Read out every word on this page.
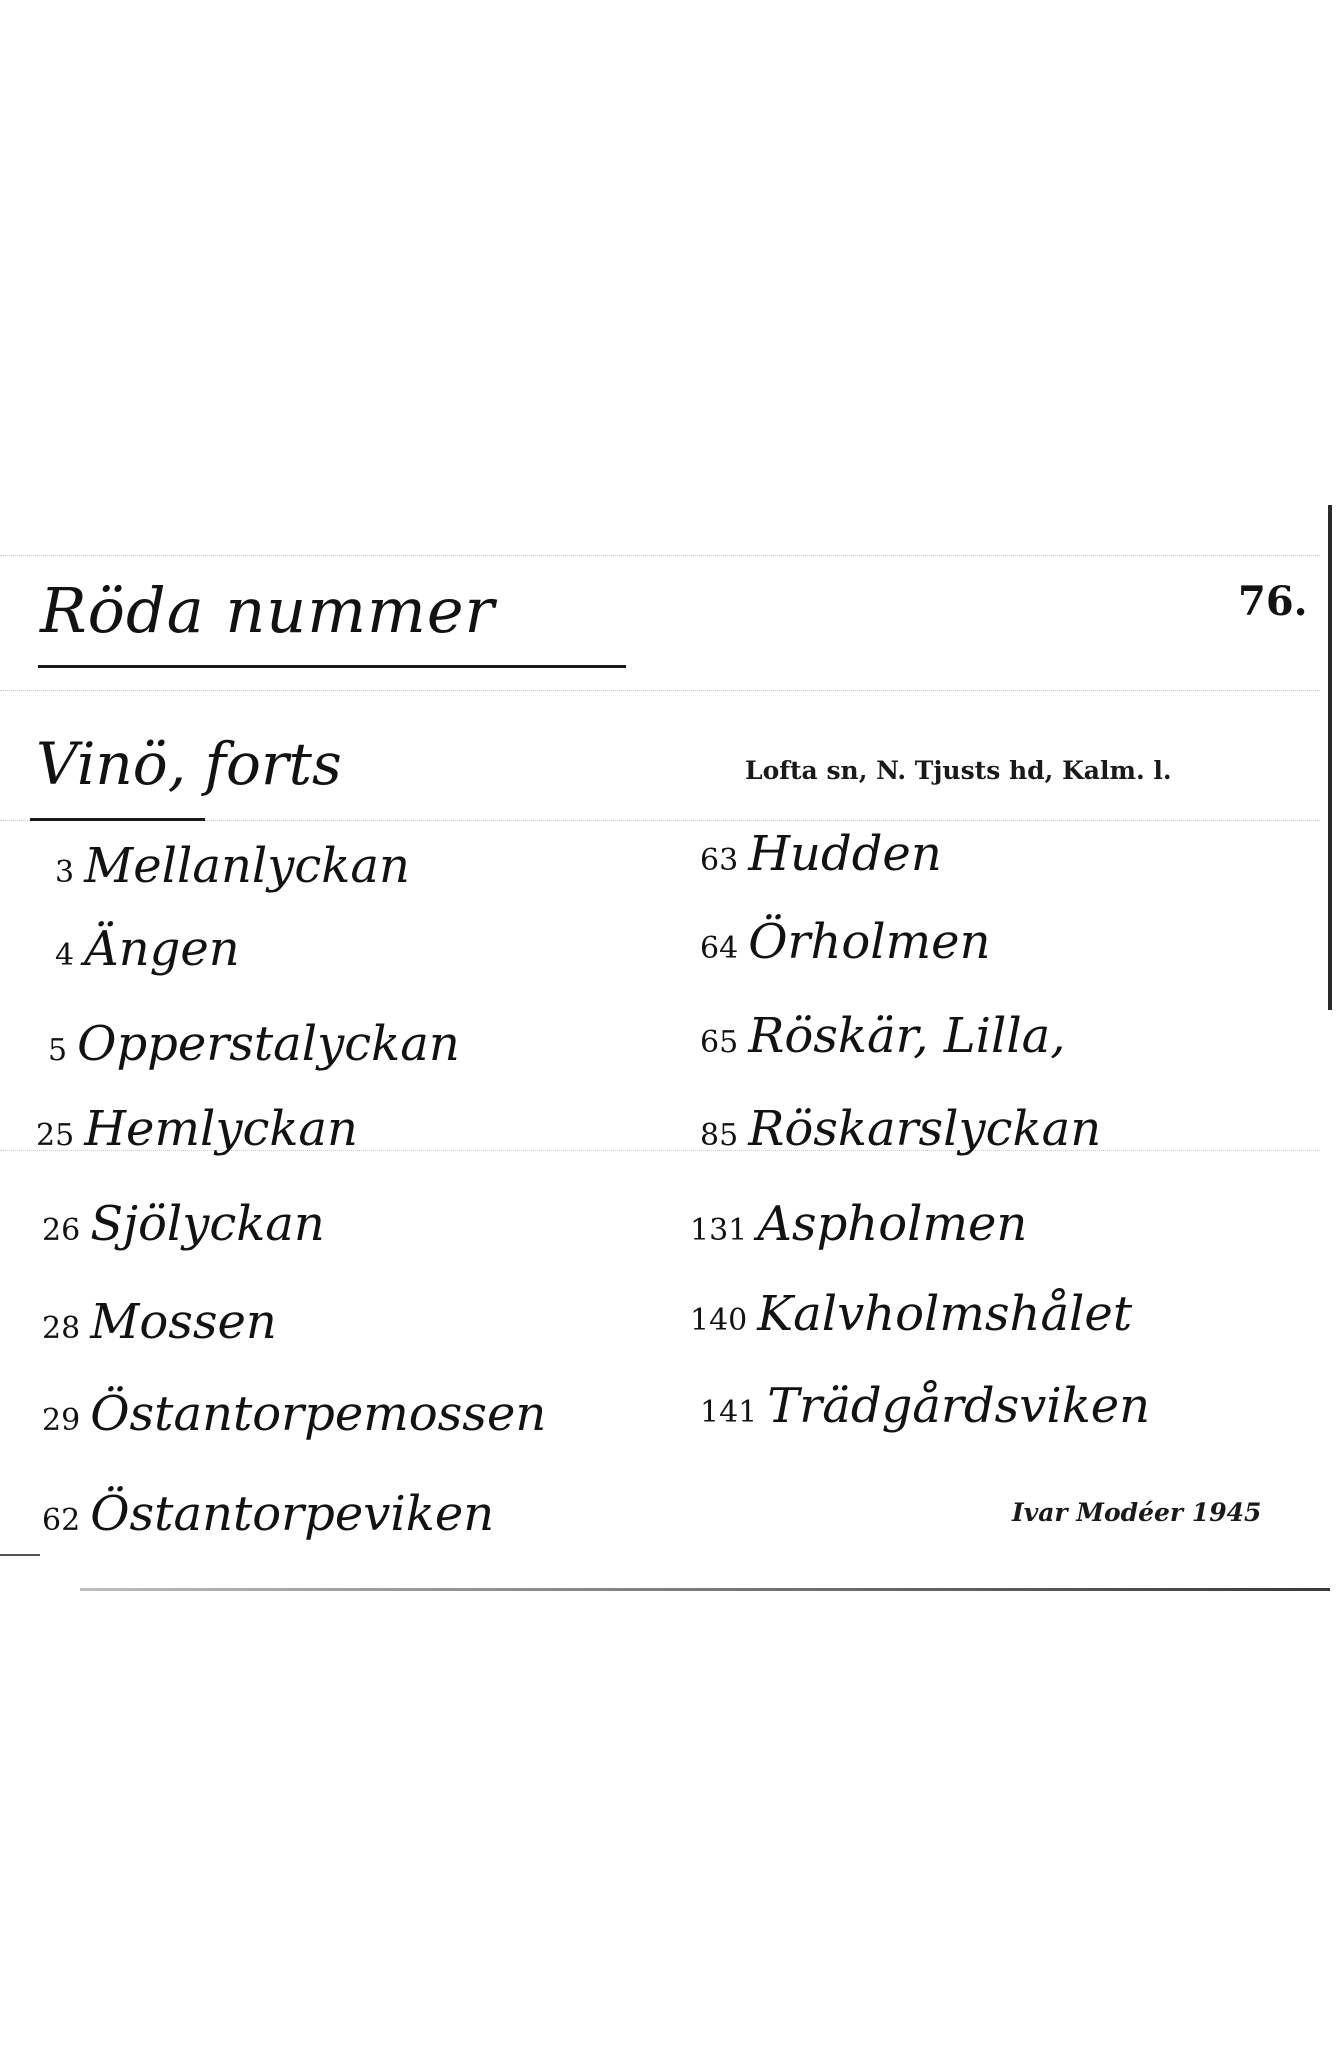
Röda nummer	76.
Vinö, forts	Lofta sn, N. Tjusts hd, Kalm. l.
3 Mellanlyckan
4 Ängen
5 Opperstalyckan
25 Hemlyckan
26 Sjölyckan
28 Mossen
29 Östantorpemossen
62 Östantorpeviken
63 Hudden
64 Örholmen
65 Röskär, Lilla,
85 Röskarslyckan
131 Aspholmen
140 Kalvholmshålet
141 Trädgårdsviken
Ivar Modéer 1945
